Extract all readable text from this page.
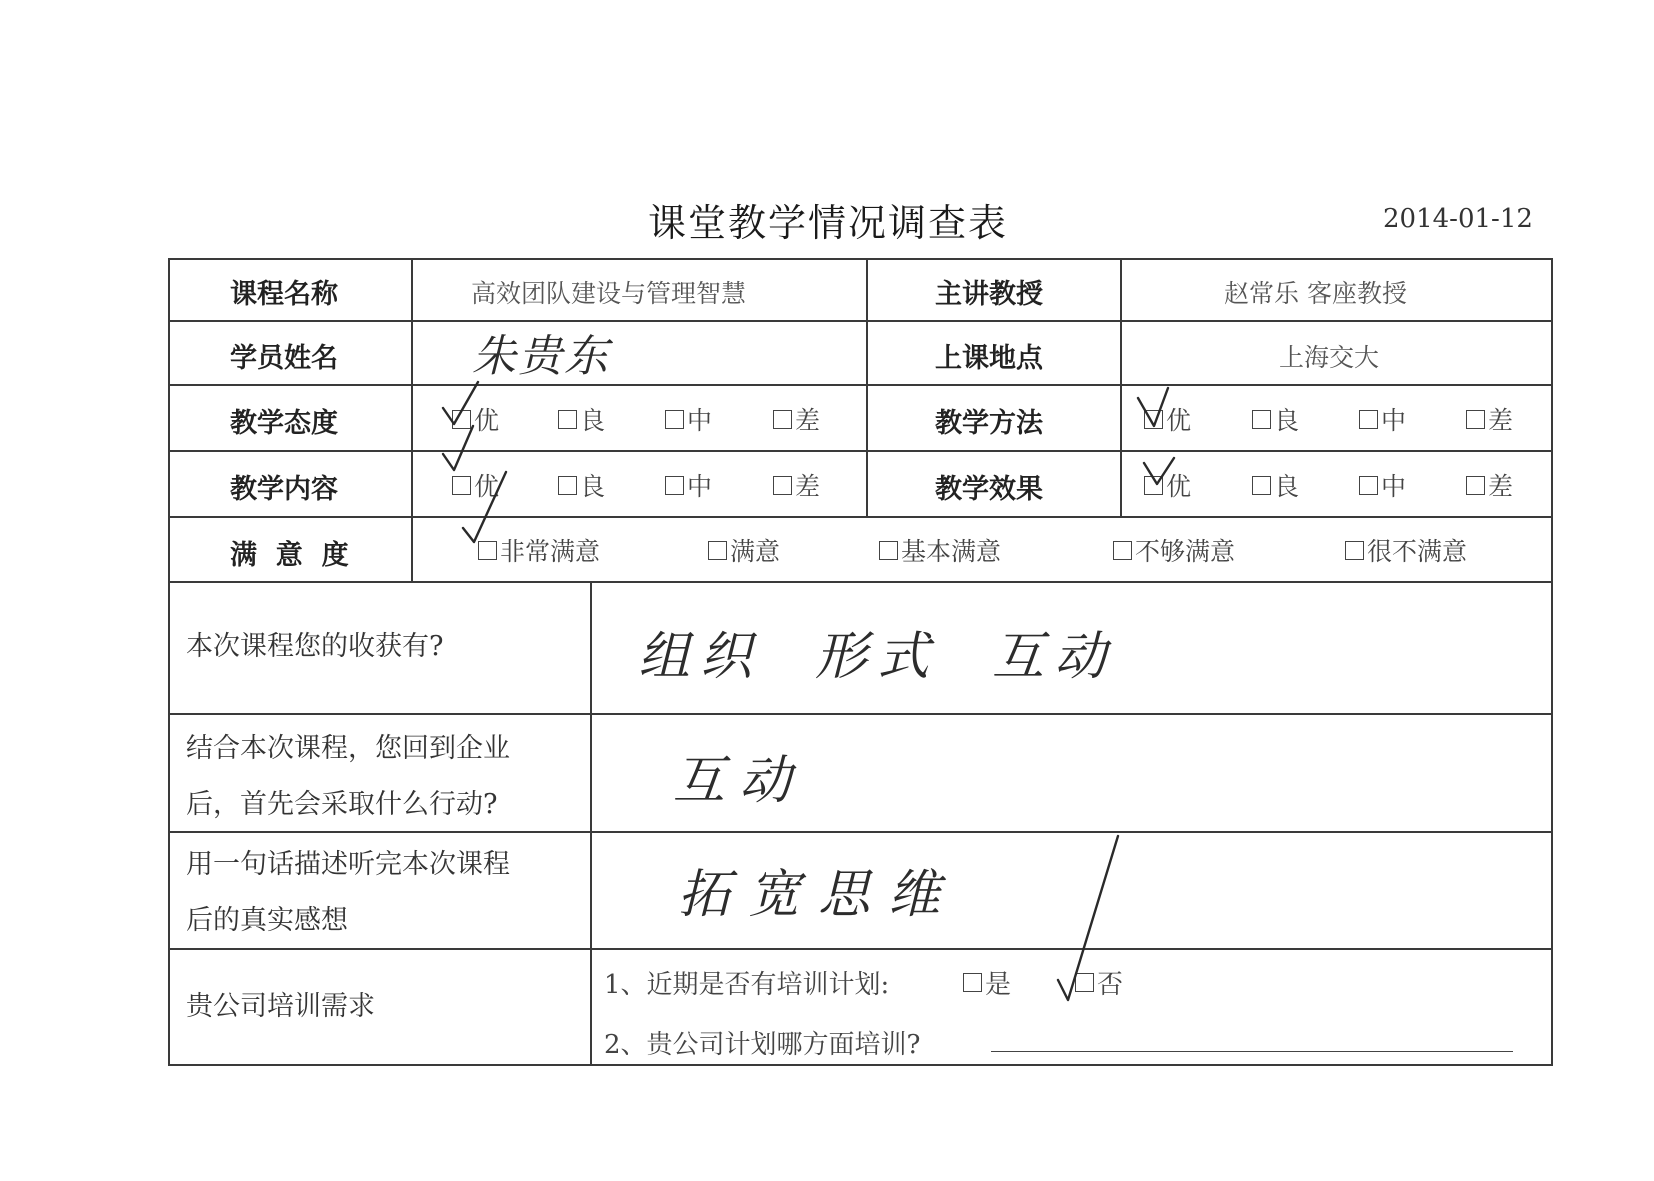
课堂教学情况调查表	2014-01-12
课程名称	高效团队建设与管理智慧	主讲教授	赵常乐 客座教授
学员姓名	朱贵东	上课地点	上海交大
教学态度	优	良	中	差	教学方法	优	良	中	差
教学内容	优	良	中	差	教学效果	优	良	中	差
满  意  度	非常满意	满意	基本满意	不够满意	很不满意
本次课程您的收获有?	组织  形式  互动
结合本次课程，您回到企业
后，首先会采取什么行动?	互动
用一句话描述听完本次课程
后的真实感想	拓宽思维
贵公司培训需求
1、近期是否有培训计划:	是	否
2、贵公司计划哪方面培训?
